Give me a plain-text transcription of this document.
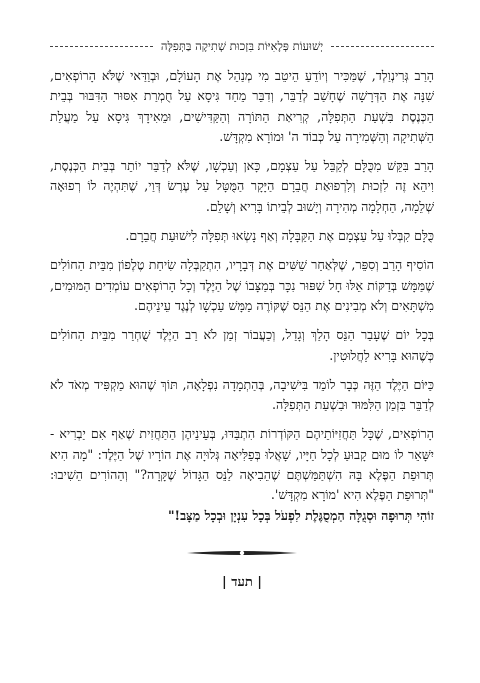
יְשׁוּעוֹת פְּלָאִיּוֹת בִּזְכוּת שְׁתִיקָה בַּתְּפִלָּה

הָרַב גְּרִינְוַלְד, שֶׁמַּכִּיר וְיוֹדֵעַ הֵיטֵב מִי מְנַהֵל אֶת הָעוֹלָם, וּבְוַדַּאי שֶׁלֹּא הָרוֹפְאִים, שִׁנָּה אֶת הַדְּרָשָׁה שֶׁחָשַׁב לְדַבֵּר, וְדִבֵּר מֵחַד גִּיסָא עַל חֻמְרַת אִסּוּר הַדִּבּוּר בְּבֵית הַכְּנֶסֶת בִּשְׁעַת הַתְּפִלָּה, קְרִיאַת הַתּוֹרָה וְהַקַּדִּישִׁים, וּמֵאִידָךְ גִּיסָא עַל מַעֲלַת הַשְּׁתִיקָה וְהַשְּׁמִירָה עַל כְּבוֹד ה' וּמוֹרָא מִקְדָּשׁ.

הָרַב בִּקֵּשׁ מִכֻּלָּם לְקַבֵּל עַל עַצְמָם, כָּאן וְעַכְשָׁו, שֶׁלֹּא לְדַבֵּר יוֹתֵר בְּבֵית הַכְּנֶסֶת, וִיהֵא זֶה לִזְכוּת וְלִרְפוּאַת חֲבֵרָם הַיָּקָר הַמֻּטָּל עַל עֶרֶשׂ דְּוַי, שֶׁתִּהְיֶה לוֹ רְפוּאָה שְׁלֵמָה, הַחְלָמָה מְהִירָה וְיָשׁוּב לְבֵיתוֹ בָּרִיא וְשָׁלֵם.

כֻּלָּם קִבְּלוּ עַל עַצְמָם אֶת הַקַּבָּלָה וְאַף נָשְׂאוּ תְּפִלָּה לִישׁוּעַת חֲבֵרָם.

הוֹסִיף הָרַב וְסִפֵּר, שֶׁלְּאַחַר שֵׁשִּׁים אֶת דְּבָרָיו, הִתְקַבְּלָה שִׂיחַת טֶלֶפוֹן מִבֵּית הַחוֹלִים שֶׁמַּמָּשׁ בְּדַקּוֹת אֵלּוּ חָל שִׁפּוּר נִכָּר בְּמַצָּבוֹ שֶׁל הַיֶּלֶד וְכָל הָרוֹפְאִים עוֹמְדִים הַמּוּמִים, מִשְׁתָּאִים וְלֹא מְבִינִים אֶת הַנֵּס שֶׁקּוֹרֶה מַמָּשׁ עַכְשָׁו לְנֶגֶד עֵינֵיהֶם.

בְּכָל יוֹם שֶׁעָבַר הַנֵּס הָלַךְ וְגָדַל, וְכַעֲבוֹר זְמַן לֹא רַב הַיֶּלֶד שֻׁחְרַר מִבֵּית הַחוֹלִים כְּשֶׁהוּא בָּרִיא לַחֲלוּטִין.

כַּיּוֹם הַיֶּלֶד הַזֶּה כְּבָר לוֹמֵד בִּישִׁיבָה, בְּהַתְמָדָה נִפְלָאָה, תּוֹךְ שֶׁהוּא מַקְפִּיד מְאֹד לֹא לְדַבֵּר בִּזְמַן הַלִּמּוּד וּבִשְׁעַת הַתְּפִלָּה.

הָרוֹפְאִים, שֶׁכָּל תַּחֲזִיּוֹתֵיהֶם הַקּוֹדְרוֹת הִתְבַּדּוּ, בְּעֵינֵיהֶן הַתַּחֲזִית שֶׁאַף אִם יַבְרִיא - יִשָּׁאֵר לוֹ מוּם קָבוּעַ לְכָל חַיָּיו, שָׁאֲלוּ בְּפַלִּיאָה גְּלוּיָה אֶת הוֹרָיו שֶׁל הַיֶּלֶד: "מָה הִיא תְּרוּפַת הַפֶּלֶא בָּהּ הִשְׁתַּמַּשְׁתֶּם שֶׁהֵבִיאָה לַנֵּס הַגָּדוֹל שֶׁקָּרָה?" וְהַהוֹרִים הֵשִׁיבוּ: "תְּרוּפַת הַפֶּלֶא הִיא 'מוֹרָא מִקְדָּשׁ'.

זוֹהִי תְּרוּפָה וּסְגֻלָּה הַמְסֻגֶּלֶת לִפְעֹל בְּכָל עִנְיָן וּבְכָל מַצָּב!"

| תעד |
